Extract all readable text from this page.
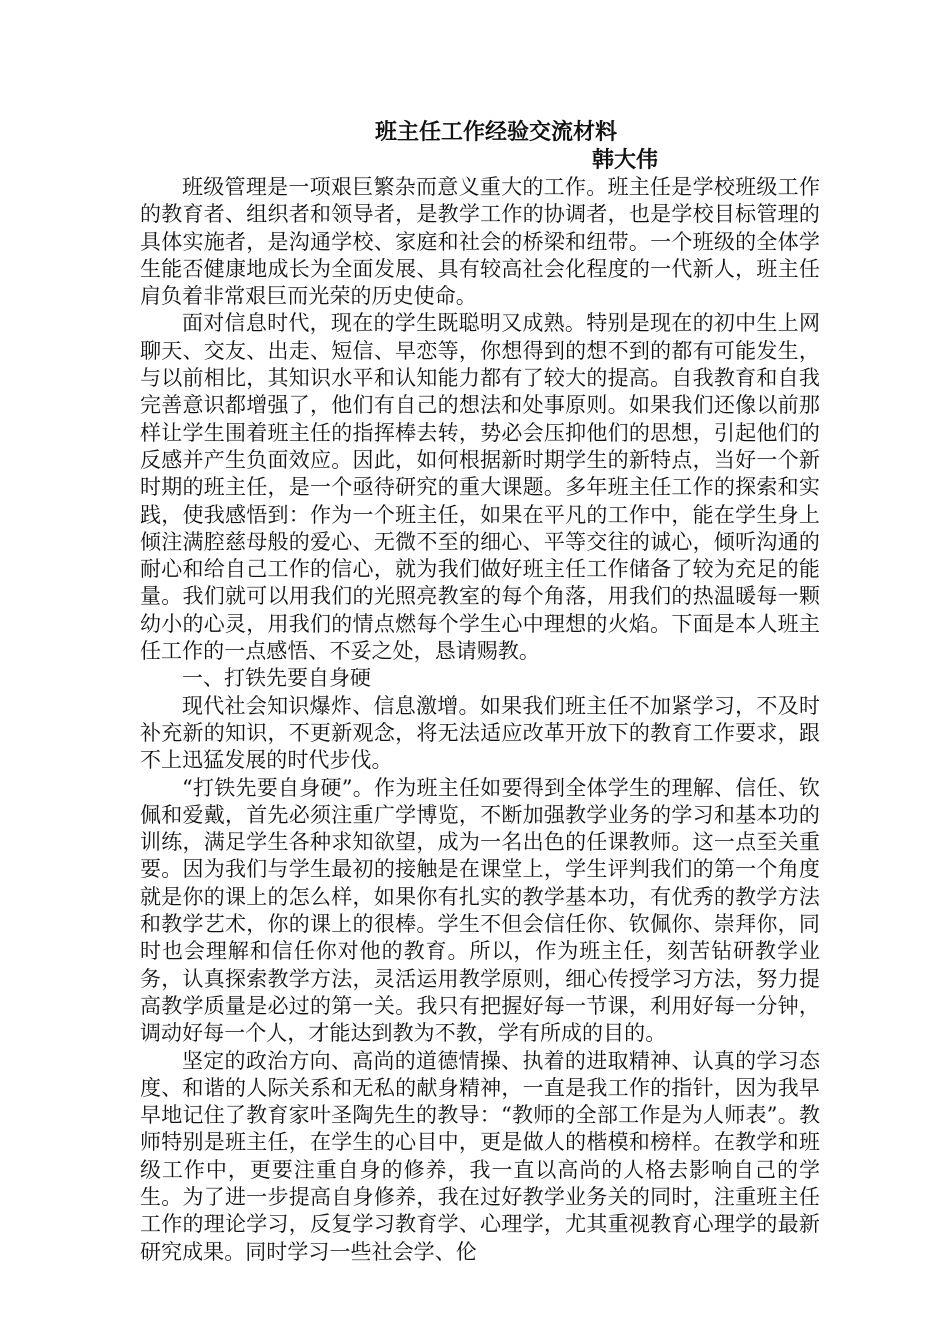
班主任工作经验交流材料
韩大伟

班级管理是一项艰巨繁杂而意义重大的工作。班主任是学校班级工作的教育者、组织者和领导者，是教学工作的协调者，也是学校目标管理的具体实施者，是沟通学校、家庭和社会的桥梁和纽带。一个班级的全体学生能否健康地成长为全面发展、具有较高社会化程度的一代新人，班主任肩负着非常艰巨而光荣的历史使命。

面对信息时代，现在的学生既聪明又成熟。特别是现在的初中生上网聊天、交友、出走、短信、早恋等，你想得到的想不到的都有可能发生，与以前相比，其知识水平和认知能力都有了较大的提高。自我教育和自我完善意识都增强了，他们有自己的想法和处事原则。如果我们还像以前那样让学生围着班主任的指挥棒去转，势必会压抑他们的思想，引起他们的反感并产生负面效应。因此，如何根据新时期学生的新特点，当好一个新时期的班主任，是一个亟待研究的重大课题。多年班主任工作的探索和实践，使我感悟到：作为一个班主任，如果在平凡的工作中，能在学生身上倾注满腔慈母般的爱心、无微不至的细心、平等交往的诚心，倾听沟通的耐心和给自己工作的信心，就为我们做好班主任工作储备了较为充足的能量。我们就可以用我们的光照亮教室的每个角落，用我们的热温暖每一颗幼小的心灵，用我们的情点燃每个学生心中理想的火焰。下面是本人班主任工作的一点感悟、不妥之处，恳请赐教。

一、打铁先要自身硬

现代社会知识爆炸、信息激增。如果我们班主任不加紧学习，不及时补充新的知识，不更新观念，将无法适应改革开放下的教育工作要求，跟不上迅猛发展的时代步伐。

“打铁先要自身硬”。作为班主任如要得到全体学生的理解、信任、钦佩和爱戴，首先必须注重广学博览，不断加强教学业务的学习和基本功的训练，满足学生各种求知欲望，成为一名出色的任课教师。这一点至关重要。因为我们与学生最初的接触是在课堂上，学生评判我们的第一个角度就是你的课上的怎么样，如果你有扎实的教学基本功，有优秀的教学方法和教学艺术，你的课上的很棒。学生不但会信任你、钦佩你、崇拜你，同时也会理解和信任你对他的教育。所以，作为班主任，刻苦钻研教学业务，认真探索教学方法，灵活运用教学原则，细心传授学习方法，努力提高教学质量是必过的第一关。我只有把握好每一节课，利用好每一分钟，调动好每一个人，才能达到教为不教，学有所成的目的。

坚定的政治方向、高尚的道德情操、执着的进取精神、认真的学习态度、和谐的人际关系和无私的献身精神，一直是我工作的指针，因为我早早地记住了教育家叶圣陶先生的教导：“教师的全部工作是为人师表”。教师特别是班主任，在学生的心目中，更是做人的楷模和榜样。在教学和班级工作中，更要注重自身的修养，我一直以高尚的人格去影响自己的学生。为了进一步提高自身修养，我在过好教学业务关的同时，注重班主任工作的理论学习，反复学习教育学、心理学，尤其重视教育心理学的最新研究成果。同时学习一些社会学、伦
